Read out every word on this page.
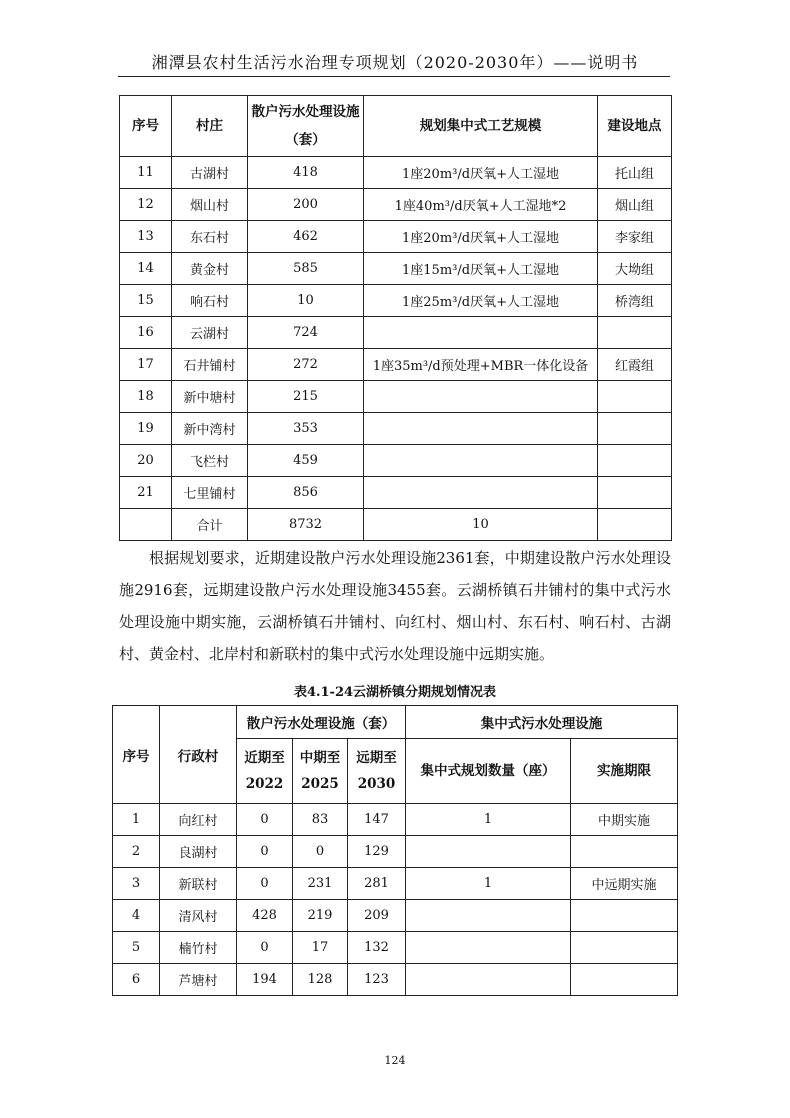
湘潭县农村生活污水治理专项规划（2020-2030年）——说明书
序号	村庄	散户污水处理设施（套）	规划集中式工艺规模	建设地点
11	古湖村	418	1座20m³/d厌氧+人工湿地	托山组
12	烟山村	200	1座40m³/d厌氧+人工湿地*2	烟山组
13	东石村	462	1座20m³/d厌氧+人工湿地	李家组
14	黄金村	585	1座15m³/d厌氧+人工湿地	大坳组
15	响石村	10	1座25m³/d厌氧+人工湿地	桥湾组
16	云湖村	724		
17	石井铺村	272	1座35m³/d预处理+MBR一体化设备	红霞组
18	新中塘村	215		
19	新中湾村	353		
20	飞栏村	459		
21	七里铺村	856		
	合计	8732	10	
根据规划要求，近期建设散户污水处理设施2361套，中期建设散户污水处理设施2916套，远期建设散户污水处理设施3455套。云湖桥镇石井铺村的集中式污水处理设施中期实施，云湖桥镇石井铺村、向红村、烟山村、东石村、响石村、古湖村、黄金村、北岸村和新联村的集中式污水处理设施中远期实施。
表4.1-24云湖桥镇分期规划情况表
序号	行政村	散户污水处理设施（套）			集中式污水处理设施	
		近期至2022	中期至2025	远期至2030	集中式规划数量（座）	实施期限
1	向红村	0	83	147	1	中期实施
2	良湖村	0	0	129		
3	新联村	0	231	281	1	中远期实施
4	清风村	428	219	209		
5	楠竹村	0	17	132		
6	芦塘村	194	128	123		
124
